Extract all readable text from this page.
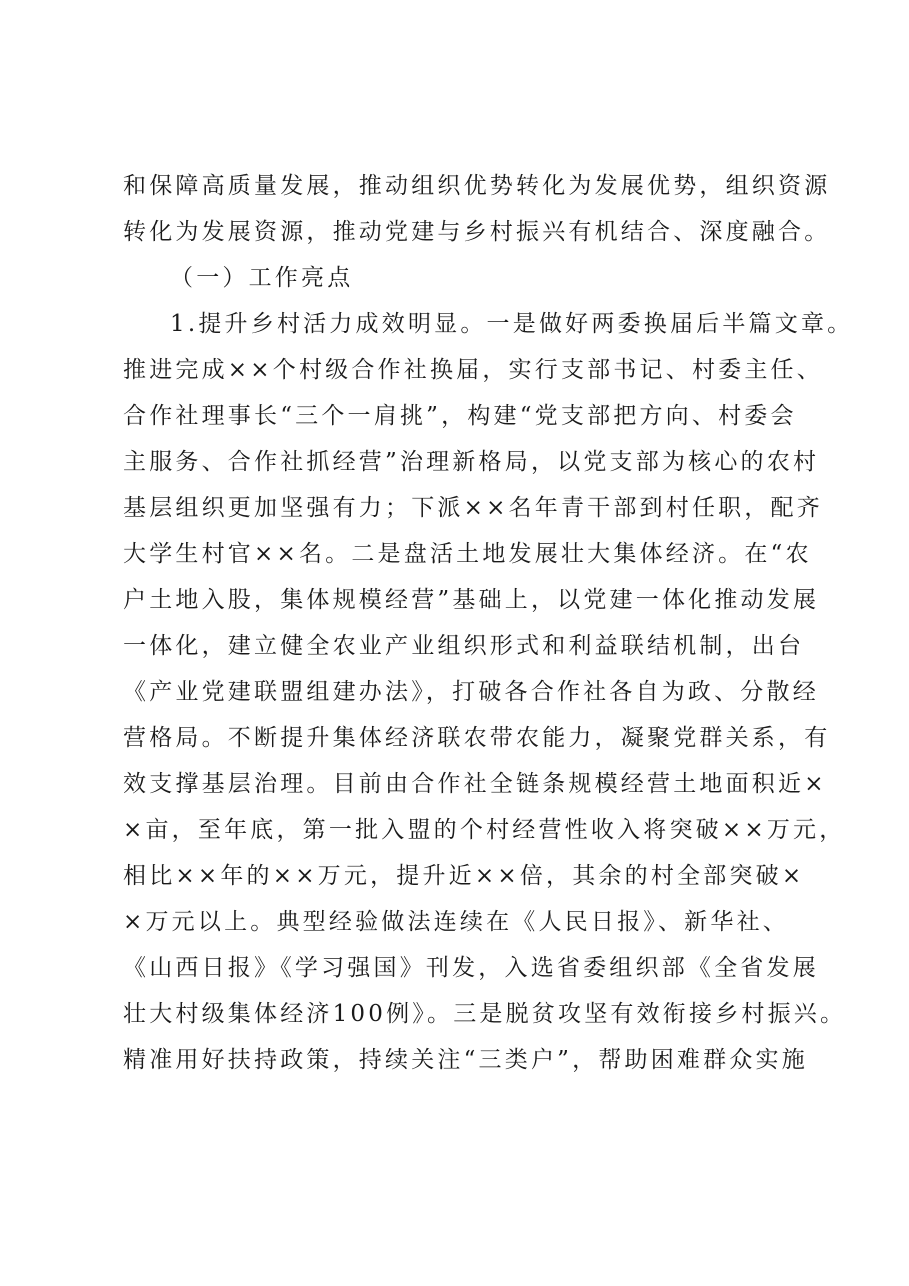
和保障高质量发展，推动组织优势转化为发展优势，组织资源
转化为发展资源，推动党建与乡村振兴有机结合、深度融合。
（一）工作亮点
1.提升乡村活力成效明显。一是做好两委换届后半篇文章。
推进完成××个村级合作社换届，实行支部书记、村委主任、
合作社理事长“三个一肩挑”，构建“党支部把方向、村委会
主服务、合作社抓经营”治理新格局，以党支部为核心的农村
基层组织更加坚强有力；下派××名年青干部到村任职，配齐
大学生村官××名。二是盘活土地发展壮大集体经济。在“农
户土地入股，集体规模经营”基础上，以党建一体化推动发展
一体化，建立健全农业产业组织形式和利益联结机制，出台
《产业党建联盟组建办法》，打破各合作社各自为政、分散经
营格局。不断提升集体经济联农带农能力，凝聚党群关系，有
效支撑基层治理。目前由合作社全链条规模经营土地面积近×
×亩，至年底，第一批入盟的个村经营性收入将突破××万元，
相比××年的××万元，提升近××倍，其余的村全部突破×
×万元以上。典型经验做法连续在《人民日报》、新华社、
《山西日报》《学习强国》刊发，入选省委组织部《全省发展
壮大村级集体经济100例》。三是脱贫攻坚有效衔接乡村振兴。
精准用好扶持政策，持续关注“三类户”，帮助困难群众实施
